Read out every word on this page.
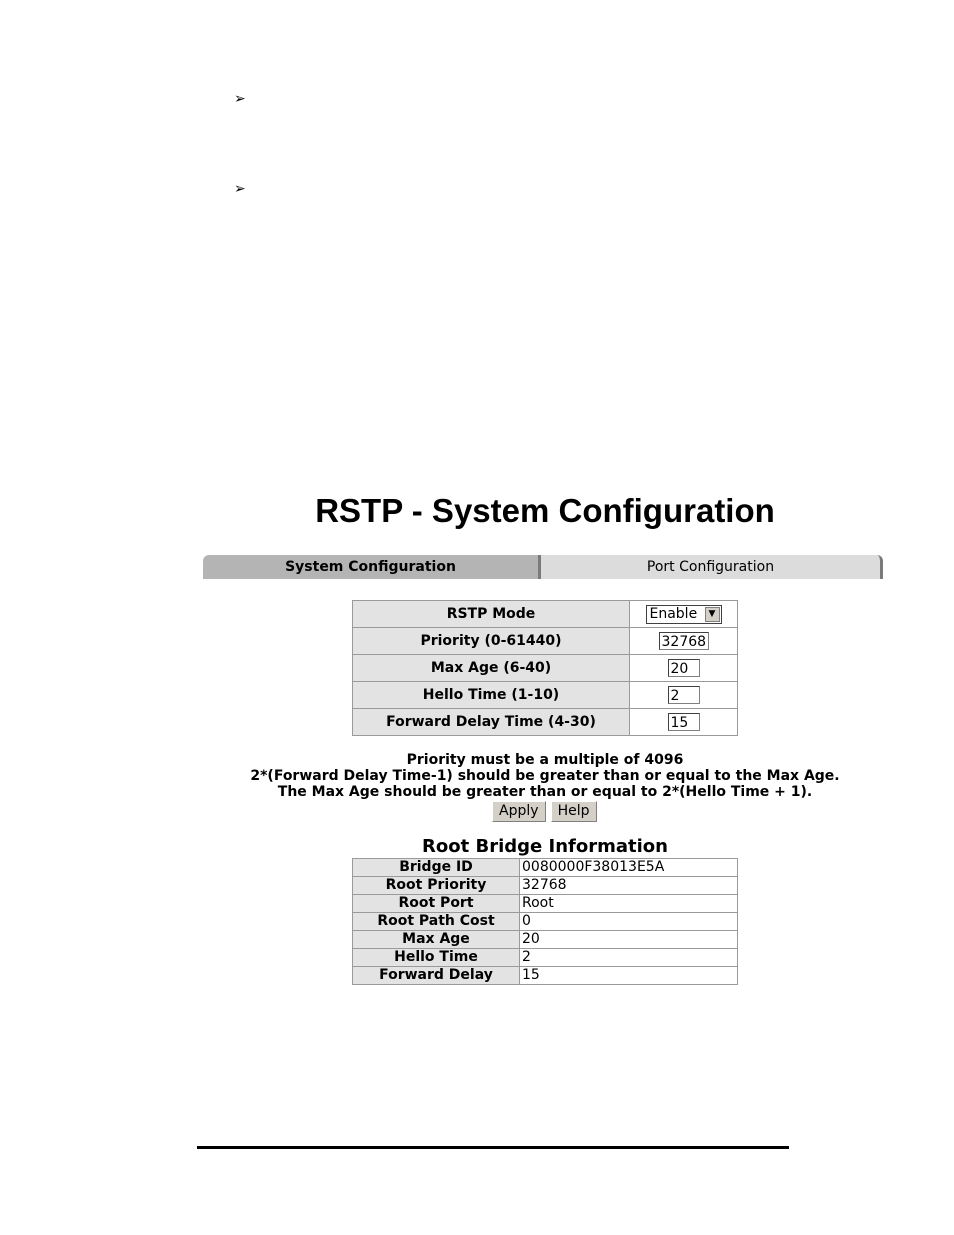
➢
➢
RSTP - System Configuration
System Configuration	Port Configuration
RSTP Mode	Enable ▼

Priority (0-61440)	32768
Max Age (6-40)	20
Hello Time (1-10)	2
Forward Delay Time (4-30)	15
Priority must be a multiple of 4096
2*(Forward Delay Time-1) should be greater than or equal to the Max Age.
The Max Age should be greater than or equal to 2*(Hello Time + 1).
Apply Help
Root Bridge Information
Bridge ID	0080000F38013E5A
Root Priority	32768
Root Port	Root
Root Path Cost	0
Max Age	20
Hello Time	2
Forward Delay	15
